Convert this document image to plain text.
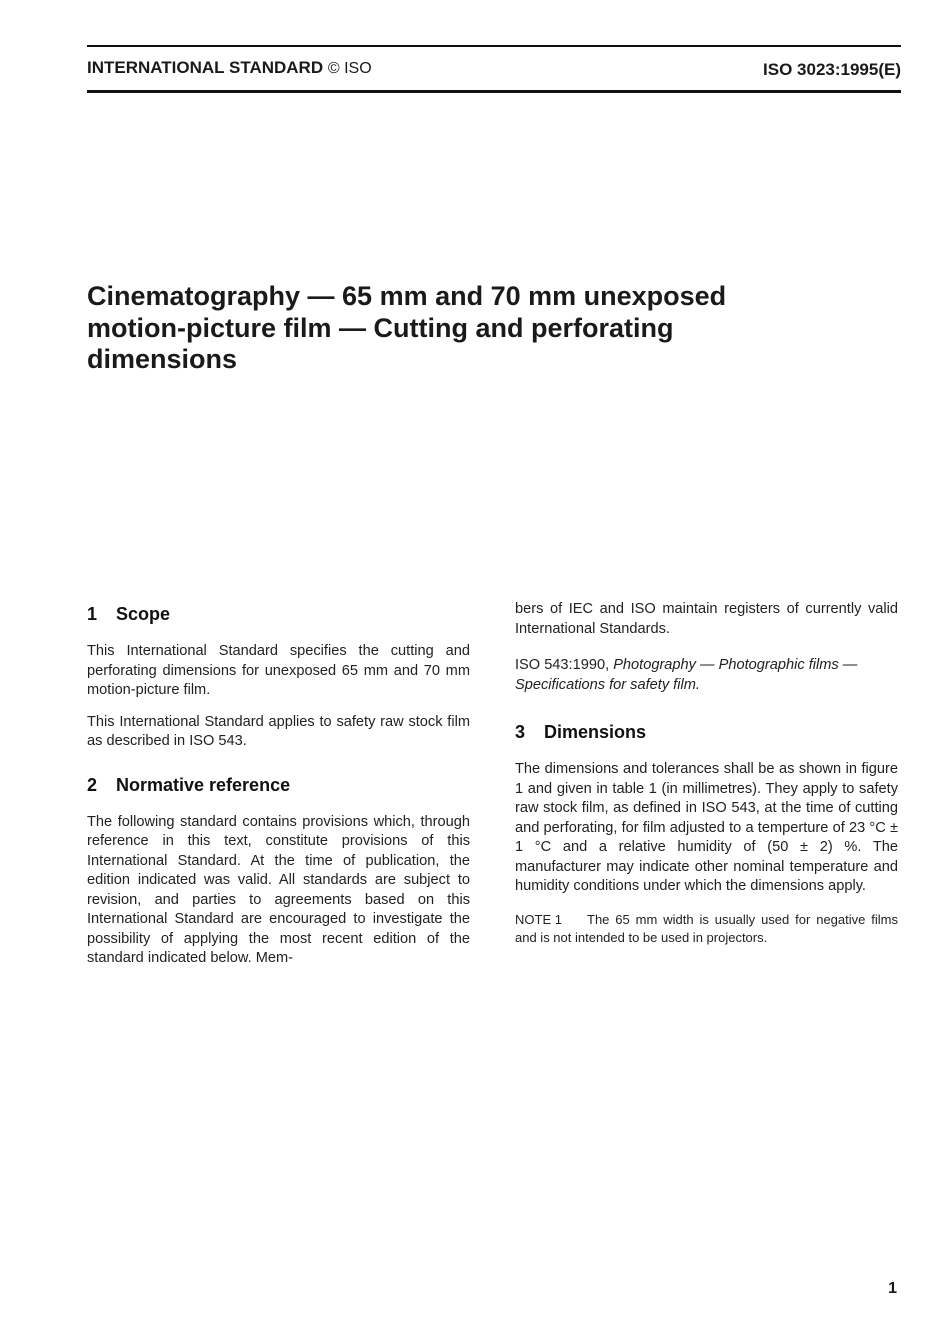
INTERNATIONAL STANDARD © ISO	ISO 3023:1995(E)
Cinematography — 65 mm and 70 mm unexposed
motion-picture film — Cutting and perforating
dimensions
1 Scope

This International Standard specifies the cutting and perforating dimensions for unexposed 65 mm and 70 mm motion-picture film.

This International Standard applies to safety raw stock film as described in ISO 543.

2 Normative reference

The following standard contains provisions which, through reference in this text, constitute provisions of this International Standard. At the time of publication, the edition indicated was valid. All standards are subject to revision, and parties to agreements based on this International Standard are encouraged to investigate the possibility of applying the most recent edition of the standard indicated below. Mem-

bers of IEC and ISO maintain registers of currently valid International Standards.

ISO 543:1990, Photography — Photographic films — Specifications for safety film.

3 Dimensions

The dimensions and tolerances shall be as shown in figure 1 and given in table 1 (in millimetres). They apply to safety raw stock film, as defined in ISO 543, at the time of cutting and perforating, for film adjusted to a temperture of 23 °C ± 1 °C and a relative humidity of (50 ± 2) %. The manufacturer may indicate other nominal temperature and humidity conditions under which the dimensions apply.

NOTE 1 The 65 mm width is usually used for negative films and is not intended to be used in projectors.

1
